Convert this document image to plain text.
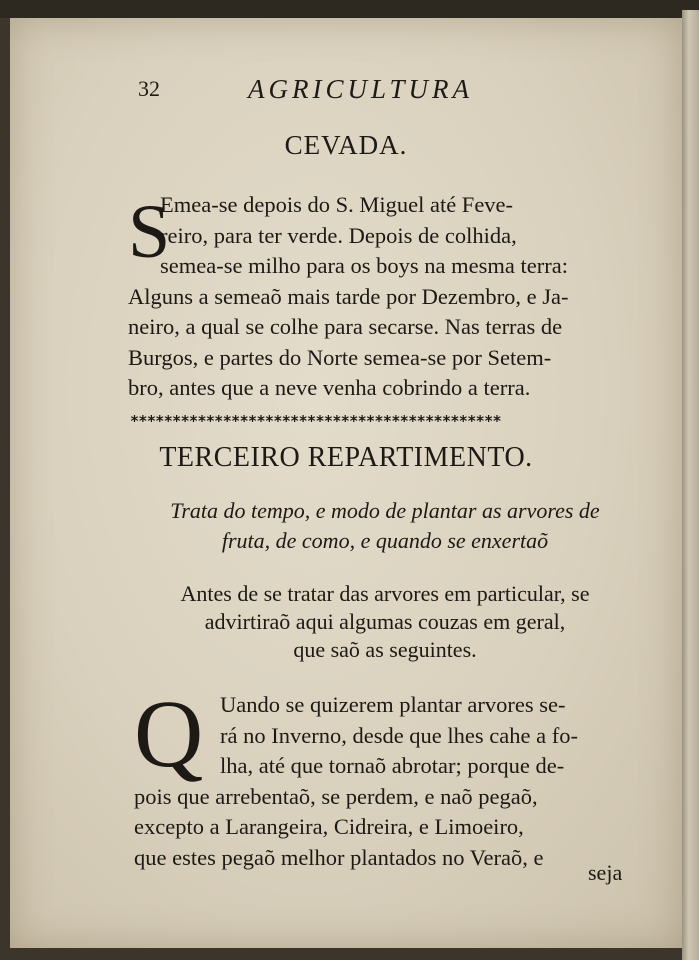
32	AGRICULTURA
CEVADA.
S

Emea-se depois do S. Miguel até Feve-
reiro, para ter verde. Depois de colhida,
semea-se milho para os boys na mesma terra:
Alguns a semeaõ mais tarde por Dezembro, e Ja-
neiro, a qual se colhe para secarse. Nas terras de
Burgos, e partes do Norte semea-se por Setem-
bro, antes que a neve venha cobrindo a terra.

********************************************
TERCEIRO REPARTIMENTO.
Trata do tempo, e modo de plantar as arvores de
fruta, de como, e quando se enxertaõ
Antes de se tratar das arvores em particular, se
advirtiraõ aqui algumas couzas em geral,
que saõ as seguintes.
Q Uando se quizerem plantar arvores se-
rá no Inverno, desde que lhes cahe a fo-
lha, até que tornaõ abrotar; porque de-
pois que arrebentaõ, se perdem, e naõ pegaõ,
excepto a Larangeira, Cidreira, e Limoeiro,
que estes pegaõ melhor plantados no Veraõ, e

seja
